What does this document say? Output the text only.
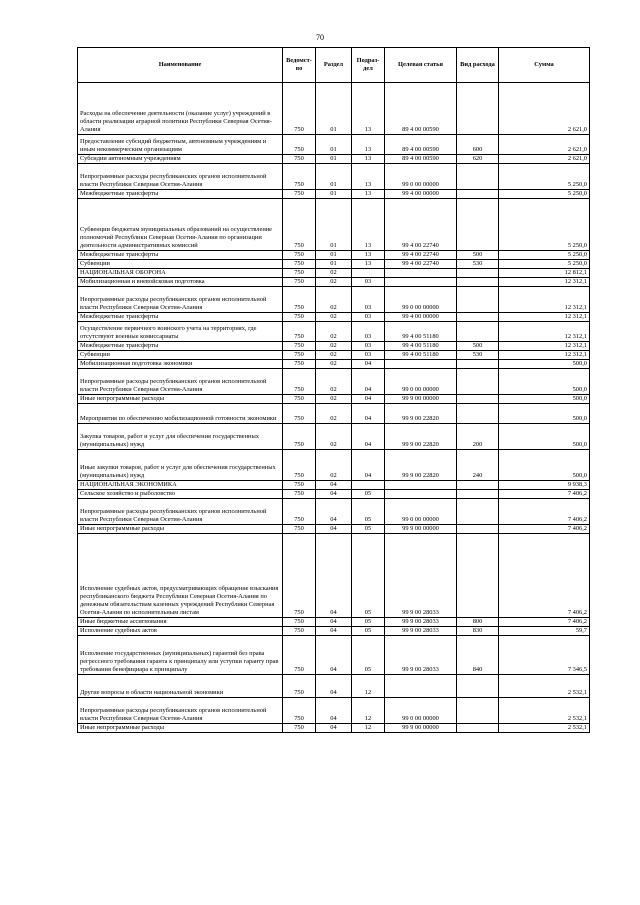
70
Наименование	Ведомст-во	Раздел	Подраз-дел	Целевая статья	Вид расхода	Сумма
Расходы на обеспечение деятельности (оказание услуг) учреждений в области реализации аграрной политики Республики Северная Осетия-Алания	750	01	13	89 4 00 00590		2 621,0
Предоставление субсидий бюджетным, автономным учреждениям и иным некоммерческим организациям	750	01	13	89 4 00 00590	600	2 621,0
Субсидии автономным учреждениям	750	01	13	89 4 00 00590	620	2 621,0
Непрограммные расходы республиканских органов исполнительной власти Республики Северная Осетия-Алания	750	01	13	99 0 00 00000		5 250,0
Межбюджетные трансферты	750	01	13	99 4 00 00000		5 250,0
Субвенции бюджетам муниципальных образований на осуществление полномочий Республики Северная Осетия-Алания по организации деятельности административных комиссий	750	01	13	99 4 00 22740		5 250,0
Межбюджетные трансферты	750	01	13	99 4 00 22740	500	5 250,0
Субвенции	750	01	13	99 4 00 22740	530	5 250,0
НАЦИОНАЛЬНАЯ ОБОРОНА	750	02				12 812,1
Мобилизационная и вневойсковая подготовка	750	02	03			12 312,1
Непрограммные расходы республиканских органов исполнительной власти Республики Северная Осетия-Алания	750	02	03	99 0 00 00000		12 312,1
Межбюджетные трансферты	750	02	03	99 4 00 00000		12 312,1
Осуществление первичного воинского учета на территориях, где отсутствуют военные комиссариаты	750	02	03	99 4 00 51180		12 312,1
Межбюджетные трансферты	750	02	03	99 4 00 51180	500	12 312,1
Субвенции	750	02	03	99 4 00 51180	530	12 312,1
Мобилизационная подготовка экономики	750	02	04			500,0
Непрограммные расходы республиканских органов исполнительной власти Республики Северная Осетия-Алания	750	02	04	99 0 00 00000		500,0
Иные непрограммные расходы	750	02	04	99 9 00 00000		500,0
Мероприятия по обеспечению мобилизационной готовности экономики	750	02	04	99 9 00 22820		500,0
Закупка товаров, работ и услуг для обеспечения государственных (муниципальных) нужд	750	02	04	99 9 00 22820	200	500,0
Иные закупки товаров, работ и услуг для обеспечения государственных (муниципальных) нужд	750	02	04	99 9 00 22820	240	500,0
НАЦИОНАЛЬНАЯ ЭКОНОМИКА	750	04				9 938,3
Сельское хозяйство и рыболовство	750	04	05			7 406,2
Непрограммные расходы республиканских органов исполнительной власти Республики Северная Осетия-Алания	750	04	05	99 0 00 00000		7 406,2
Иные непрограммные расходы	750	04	05	99 9 00 00000		7 406,2
Исполнение судебных актов, предусматривающих обращение взыскания республиканского бюджета Республики Северная Осетия-Алания по денежным обязательствам казенных учреждений Республики Северная Осетия-Алания по исполнительным листам	750	04	05	99 9 00 28033		7 406,2
Иные бюджетные ассигнования	750	04	05	99 9 00 28033	800	7 406,2
Исполнение судебных актов	750	04	05	99 9 00 28033	830	59,7
Исполнение государственных (муниципальных) гарантий без права регрессного требования гаранта к принципалу или уступки гаранту прав требования бенефициара к принципалу	750	04	05	99 9 00 28033	840	7 346,5
Другие вопросы в области национальной экономики	750	04	12			2 532,1
Непрограммные расходы республиканских органов исполнительной власти Республики Северная Осетия-Алания	750	04	12	99 0 00 00000		2 532,1
Иные непрограммные расходы	750	04	12	99 9 00 00000		2 532,1
